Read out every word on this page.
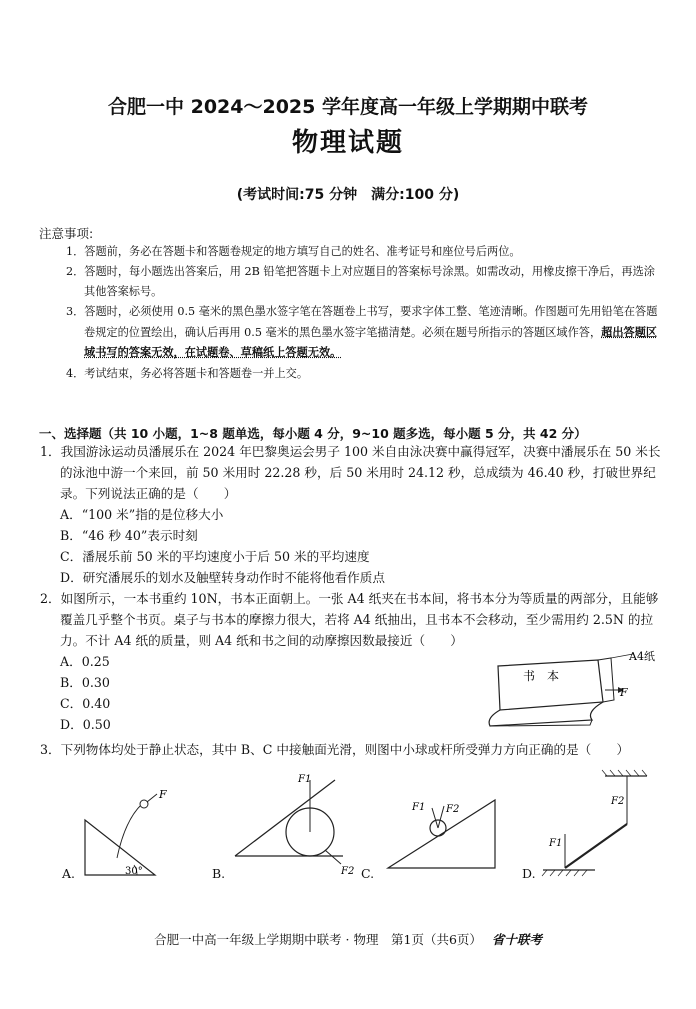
合肥一中 2024～2025 学年度高一年级上学期期中联考
物理试题
(考试时间:75 分钟　满分:100 分)
注意事项:
1．答题前，务必在答题卡和答题卷规定的地方填写自己的姓名、准考证号和座位号后两位。
2．答题时，每小题选出答案后，用 2B 铅笔把答题卡上对应题目的答案标号涂黑。如需改动，用橡皮擦干净后，再选涂其他答案标号。
3．答题时，必须使用 0.5 毫米的黑色墨水签字笔在答题卷上书写，要求字体工整、笔迹清晰。作图题可先用铅笔在答题卷规定的位置绘出，确认后再用 0.5 毫米的黑色墨水签字笔描清楚。必须在题号所指示的答题区域作答，超出答题区域书写的答案无效，在试题卷、草稿纸上答题无效。
4．考试结束，务必将答题卡和答题卷一并上交。
一、选择题（共 10 小题，1~8 题单选，每小题 4 分，9~10 题多选，每小题 5 分，共 42 分）
1．我国游泳运动员潘展乐在 2024 年巴黎奥运会男子 100 米自由泳决赛中赢得冠军，决赛中潘展乐在 50 米长的泳池中游一个来回，前 50 米用时 22.28 秒，后 50 米用时 24.12 秒，总成绩为 46.40 秒，打破世界纪录。下列说法正确的是（　　）
A．“100 米”指的是位移大小
B．“46 秒 40”表示时刻
C．潘展乐前 50 米的平均速度小于后 50 米的平均速度
D．研究潘展乐的划水及触壁转身动作时不能将他看作质点
2．如图所示，一本书重约 10N，书本正面朝上。一张 A4 纸夹在书本间，将书本分为等质量的两部分，且能够覆盖几乎整个书页。桌子与书本的摩擦力很大，若将 A4 纸抽出，且书本不会移动，至少需用约 2.5N 的拉力。不计 A4 纸的质量，则 A4 纸和书之间的动摩擦因数最接近（　　）
A．0.25
B．0.30
C．0.40
D．0.50
A4纸
书　本
F
3．下列物体均处于静止状态，其中 B、C 中接触面光滑，则图中小球或杆所受弹力方向正确的是（　　）
30°
F
A.
F1
F2
B.
F1 F2
C.
F2
F1
D.
合肥一中高一年级上学期期中联考 · 物理　第1页（共6页） 省十联考
